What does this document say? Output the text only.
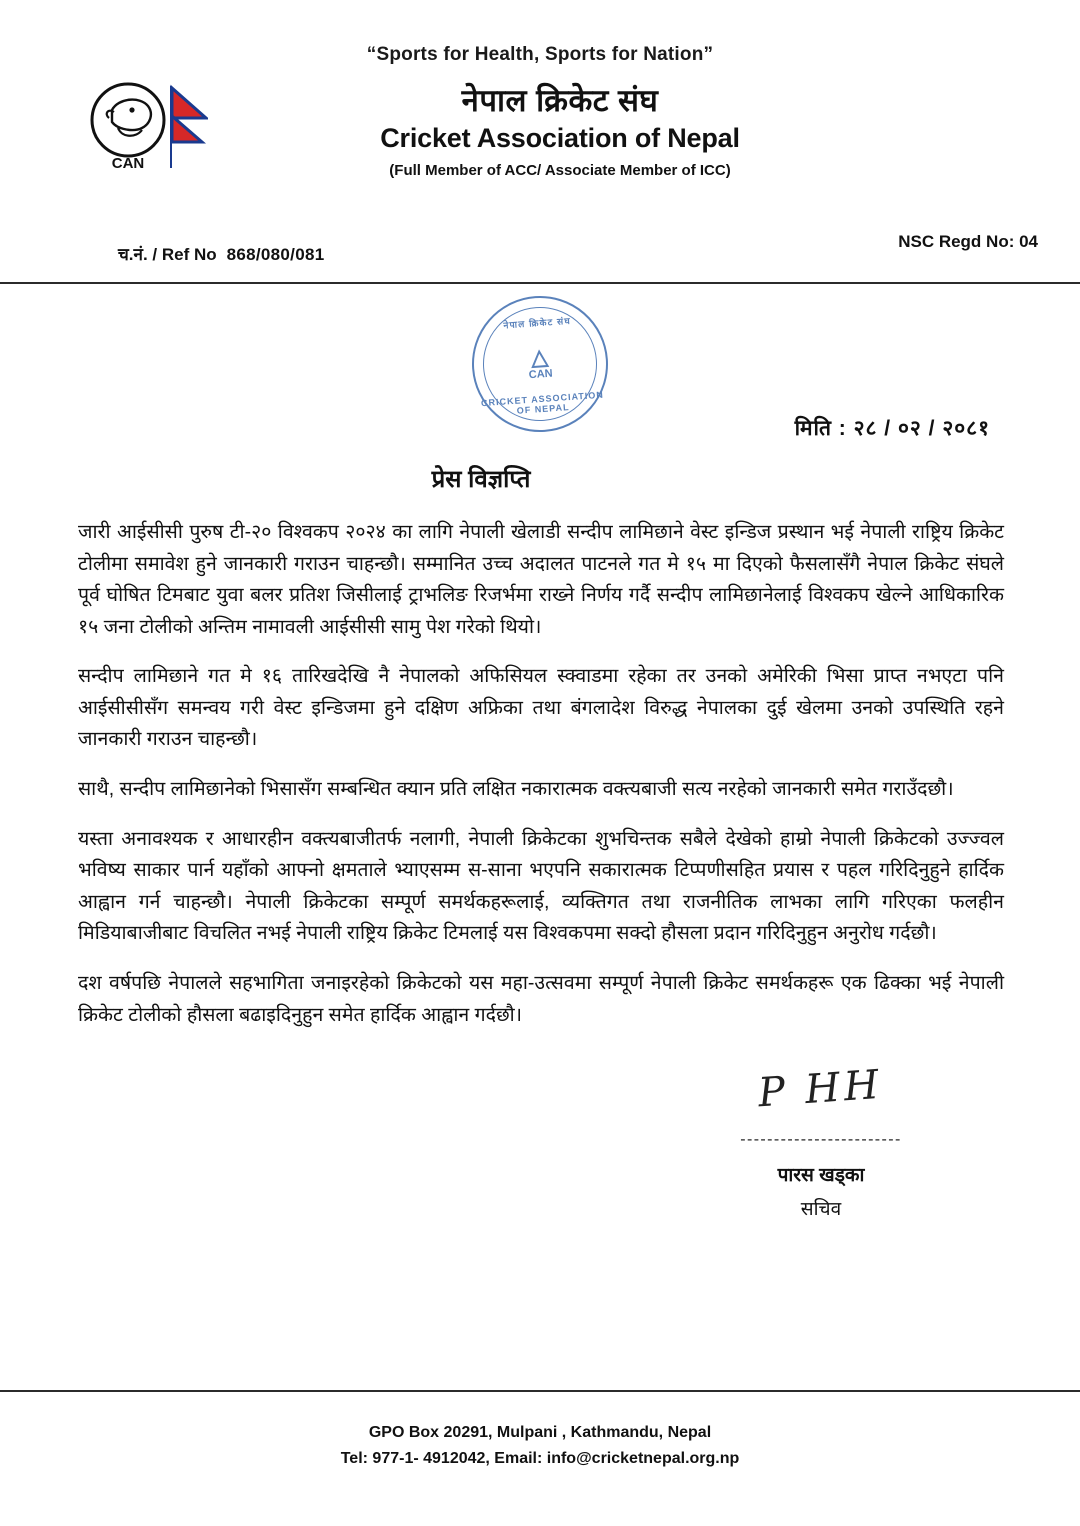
“Sports for Health, Sports for Nation”
CAN
नेपाल क्रिकेट संघ
Cricket Association of Nepal
(Full Member of ACC/ Associate Member of ICC)
च.नं. / Ref No 868/080/081
NSC Regd No: 04
नेपाल क्रिकेट संघ
△
CAN
CRICKET ASSOCIATION OF NEPAL
मिति : २८ / ०२ / २०८१
प्रेस विज्ञप्ति

जारी आईसीसी पुरुष टी-२० विश्वकप २०२४ का लागि नेपाली खेलाडी सन्दीप लामिछाने वेस्ट इन्डिज प्रस्थान भई नेपाली राष्ट्रिय क्रिकेट टोलीमा समावेश हुने जानकारी गराउन चाहन्छौ। सम्मानित उच्च अदालत पाटनले गत मे १५ मा दिएको फैसलासँगै नेपाल क्रिकेट संघले पूर्व घोषित टिमबाट युवा बलर प्रतिश जिसीलाई ट्राभलिङ रिजर्भमा राख्ने निर्णय गर्दै सन्दीप लामिछानेलाई विश्वकप खेल्ने आधिकारिक १५ जना टोलीको अन्तिम नामावली आईसीसी सामु पेश गरेको थियो।

सन्दीप लामिछाने गत मे १६ तारिखदेखि नै नेपालको अफिसियल स्क्वाडमा रहेका तर उनको अमेरिकी भिसा प्राप्त नभएटा पनि आईसीसीसँग समन्वय गरी वेस्ट इन्डिजमा हुने दक्षिण अफ्रिका तथा बंगलादेश विरुद्ध नेपालका दुई खेलमा उनको उपस्थिति रहने जानकारी गराउन चाहन्छौ।

साथै, सन्दीप लामिछानेको भिसासँग सम्बन्धित क्यान प्रति लक्षित नकारात्मक वक्त्यबाजी सत्य नरहेको जानकारी समेत गराउँदछौ।

यस्ता अनावश्यक र आधारहीन वक्त्यबाजीतर्फ नलागी, नेपाली क्रिकेटका शुभचिन्तक सबैले देखेको हाम्रो नेपाली क्रिकेटको उज्ज्वल भविष्य साकार पार्न यहाँको आफ्नो क्षमताले भ्याएसम्म स-साना भएपनि सकारात्मक टिप्पणीसहित प्रयास र पहल गरिदिनुहुने हार्दिक आह्वान गर्न चाहन्छौ। नेपाली क्रिकेटका सम्पूर्ण समर्थकहरूलाई, व्यक्तिगत तथा राजनीतिक लाभका लागि गरिएका फलहीन मिडियाबाजीबाट विचलित नभई नेपाली राष्ट्रिय क्रिकेट टिमलाई यस विश्वकपमा सक्दो हौसला प्रदान गरिदिनुहुन अनुरोध गर्दछौ।

दश वर्षपछि नेपालले सहभागिता जनाइरहेको क्रिकेटको यस महा-उत्सवमा सम्पूर्ण नेपाली क्रिकेट समर्थकहरू एक ढिक्का भई नेपाली क्रिकेट टोलीको हौसला बढाइदिनुहुन समेत हार्दिक आह्वान गर्दछौ।

P  HH
------------------------
पारस खड्का
सचिव
GPO Box 20291, Mulpani , Kathmandu, Nepal
Tel: 977-1- 4912042, Email: info@cricketnepal.org.np
